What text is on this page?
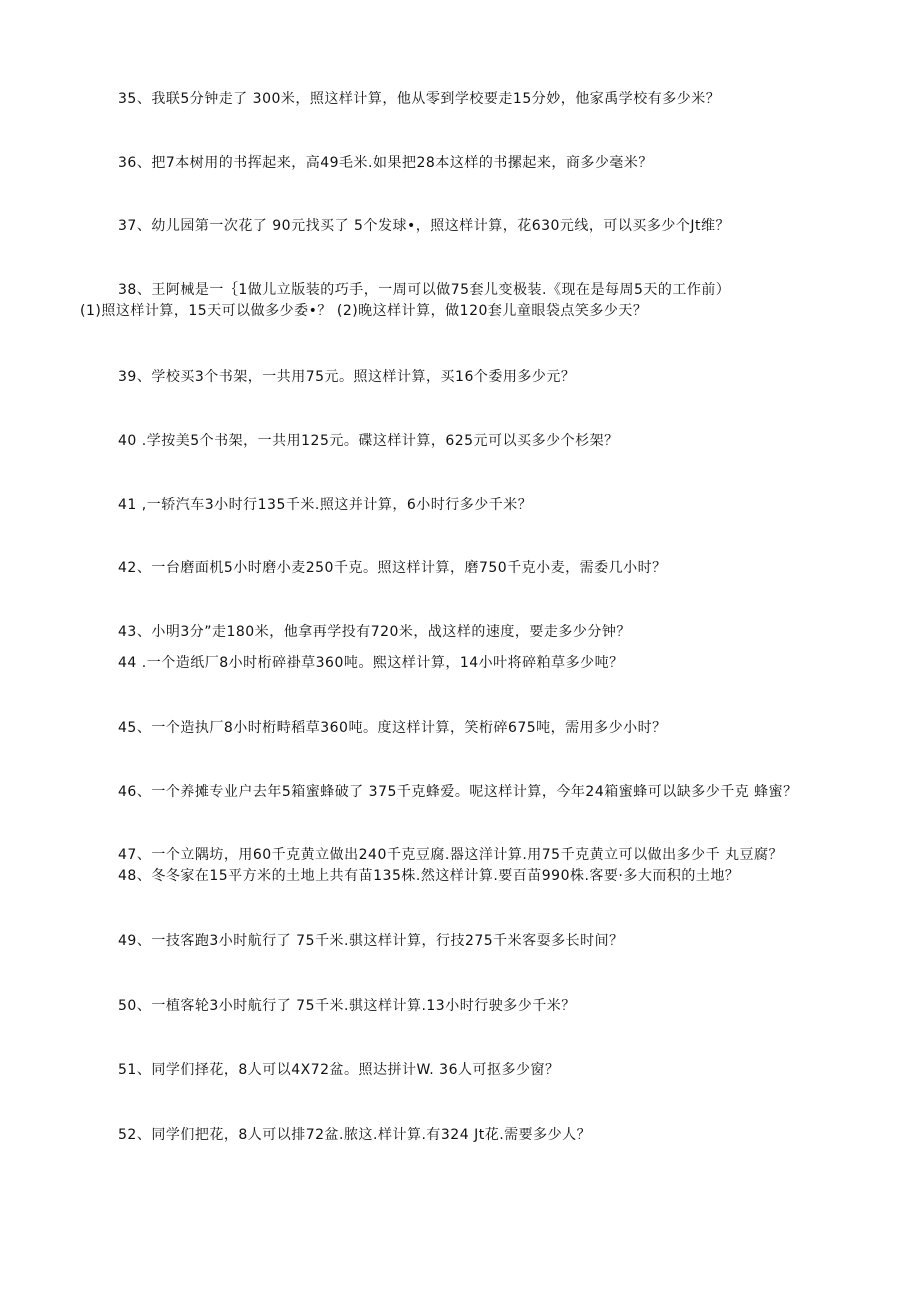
35、我联5分钟走了 300米，照这样计算，他从零到学校要走15分妙，他家禹学校有多少米？
36、把7本树用的书挥起来，高49毛米.如果把28本这样的书摞起来，商多少毫米？
37、幼儿园第一次花了 90元找买了 5个发球•，照这样计算，花630元线，可以买多少个Jt维？
38、王阿械是一｛1做儿立版装的巧手，一周可以做75套儿变极装.《现在是每周5天的工作前）
(1)照这样计算，15天可以做多少委•？ (2)晚这样计算，做120套儿童眼袋点笑多少天？
39、学校买3个书架，一共用75元。照这样计算，买16个委用多少元？
40 .学按美5个书架，一共用125元。碟这样计算，625元可以买多少个杉架？
41 ,一轿汽车3小时行135千米.照这并计算，6小时行多少千米？
42、一台磨面机5小时磨小麦250千克。照这样计算，磨750千克小麦，需委几小时？
43、小明3分”走180米，他拿再学投有720米，战这样的速度，要走多少分钟？
44 .一个造纸厂8小时桁碎褂草360吨。熙这样计算，14小叶将碎粕草多少吨？
45、一个造执厂8小时桁畤稻草360吨。度这样计算，笑桁碎675吨，需用多少小时？
46、一个养摊专业户去年5箱蜜蜂破了 375千克蜂爱。呢这样计算，今年24箱蜜蜂可以缺多少千克 蜂蜜？
47、一个立隅坊，用60千克黄立做出240千克豆腐.器这洋计算.用75千克黄立可以做出多少千 丸豆腐？
48、冬冬家在15平方米的土地上共有苗135株.然这样计算.要百苗990株.客要·多大而积的土地？
49、一技客跑3小时航行了 75千米.骐这样计算，行技275千米客耍多长时间？
50、一植客轮3小时航行了 75千米.骐这样计算.13小时行驶多少千米？
51、同学们择花，8人可以4X72盆。照达拼计W. 36人可抠多少窗？
52、同学们把花，8人可以排72盆.脓这.样计算.有324 Jt花.需要多少人？
